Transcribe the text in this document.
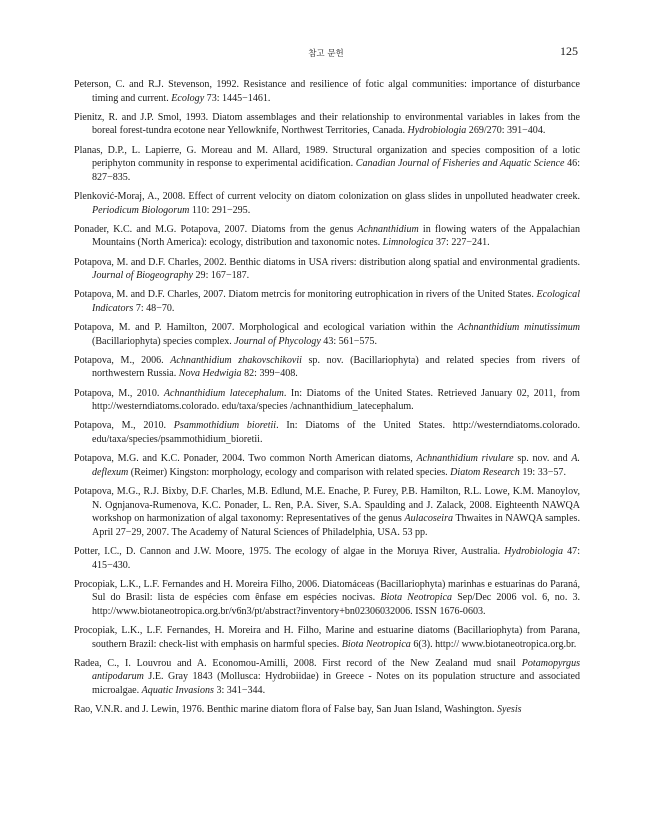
참고 문헌	125

Peterson, C. and R.J. Stevenson, 1992. Resistance and resilience of fotic algal communities: importance of disturbance timing and current. Ecology 73: 1445−1461.

Pienitz, R. and J.P. Smol, 1993. Diatom assemblages and their relationship to environmental variables in lakes from the boreal forest-tundra ecotone near Yellowknife, Northwest Territories, Canada. Hydrobiologia 269/270: 391−404.

Planas, D.P., L. Lapierre, G. Moreau and M. Allard, 1989. Structural organization and species composition of a lotic periphyton community in response to experimental acidification. Canadian Journal of Fisheries and Aquatic Science 46: 827−835.

Plenković-Moraj, A., 2008. Effect of current velocity on diatom colonization on glass slides in unpolluted headwater creek. Periodicum Biologorum 110: 291−295.

Ponader, K.C. and M.G. Potapova, 2007. Diatoms from the genus Achnanthidium in flowing waters of the Appalachian Mountains (North America): ecology, distribution and taxonomic notes. Limnologica 37: 227−241.

Potapova, M. and D.F. Charles, 2002. Benthic diatoms in USA rivers: distribution along spatial and environmental gradients. Journal of Biogeography 29: 167−187.

Potapova, M. and D.F. Charles, 2007. Diatom metrcis for monitoring eutrophication in rivers of the United States. Ecological Indicators 7: 48−70.

Potapova, M. and P. Hamilton, 2007. Morphological and ecological variation within the Achnanthidium minutissimum (Bacillariophyta) species complex. Journal of Phycology 43: 561−575.

Potapova, M., 2006. Achnanthidium zhakovschikovii sp. nov. (Bacillariophyta) and related species from rivers of northwestern Russia. Nova Hedwigia 82: 399−408.

Potapova, M., 2010. Achnanthidium latecephalum. In: Diatoms of the United States. Retrieved January 02, 2011, from http://westerndiatoms.colorado. edu/taxa/species /achnanthidium_latecephalum.

Potapova, M., 2010. Psammothidium bioretii. In: Diatoms of the United States. http://westerndiatoms.colorado. edu/taxa/species/psammothidium_bioretii.

Potapova, M.G. and K.C. Ponader, 2004. Two common North American diatoms, Achnanthidium rivulare sp. nov. and A. deflexum (Reimer) Kingston: morphology, ecology and comparison with related species. Diatom Research 19: 33−57.

Potapova, M.G., R.J. Bixby, D.F. Charles, M.B. Edlund, M.E. Enache, P. Furey, P.B. Hamilton, R.L. Lowe, K.M. Manoylov, N. Ognjanova-Rumenova, K.C. Ponader, L. Ren, P.A. Siver, S.A. Spaulding and J. Zalack, 2008. Eighteenth NAWQA workshop on harmonization of algal taxonomy: Representatives of the genus Aulacoseira Thwaites in NAWQA samples. April 27−29, 2007. The Academy of Natural Sciences of Philadelphia, USA. 53 pp.

Potter, I.C., D. Cannon and J.W. Moore, 1975. The ecology of algae in the Moruya River, Australia. Hydrobiologia 47: 415−430.

Procopiak, L.K., L.F. Fernandes and H. Moreira Filho, 2006. Diatomáceas (Bacillariophyta) marinhas e estuarinas do Paraná, Sul do Brasil: lista de espécies com ênfase em espécies nocivas. Biota Neotropica Sep/Dec 2006 vol. 6, no. 3. http://www.biotaneotropica.org.br/v6n3/pt/abstract?inventory+bn02306032006. ISSN 1676-0603.

Procopiak, L.K., L.F. Fernandes, H. Moreira and H. Filho, Marine and estuarine diatoms (Bacillariophyta) from Parana, southern Brazil: check-list with emphasis on harmful species. Biota Neotropica 6(3). http:// www.biotaneotropica.org.br.

Radea, C., I. Louvrou and A. Economou-Amilli, 2008. First record of the New Zealand mud snail Potamopyrgus antipodarum J.E. Gray 1843 (Mollusca: Hydrobiidae) in Greece - Notes on its population structure and associated microalgae. Aquatic Invasions 3: 341−344.

Rao, V.N.R. and J. Lewin, 1976. Benthic marine diatom flora of False bay, San Juan Island, Washington. Syesis
